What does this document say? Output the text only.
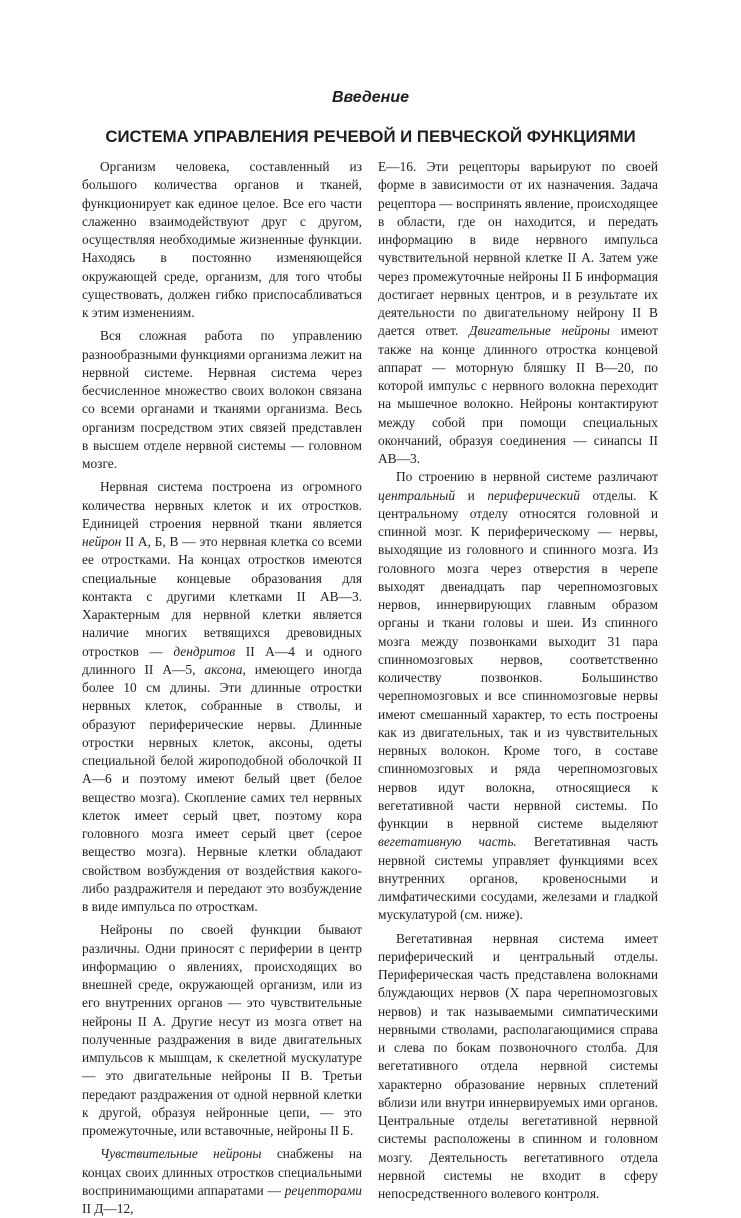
Введение
СИСТЕМА УПРАВЛЕНИЯ РЕЧЕВОЙ И ПЕВЧЕСКОЙ ФУНКЦИЯМИ

Организм человека, составленный из большого количества органов и тканей, функционирует как единое целое. Все его части слаженно взаимодействуют друг с другом, осуществляя необходимые жизненные функции. Находясь в постоянно изменяющейся окружающей среде, организм, для того чтобы существовать, должен гибко приспосабливаться к этим изменениям.

Вся сложная работа по управлению разнообразными функциями организма лежит на нервной системе. Нервная система через бесчисленное множество своих волокон связана со всеми органами и тканями организма. Весь организм посредством этих связей представлен в высшем отделе нервной системы — головном мозге.

Нервная система построена из огромного количества нервных клеток и их отростков. Единицей строения нервной ткани является нейрон II А, Б, В — это нервная клетка со всеми ее отростками. На концах отростков имеются специальные концевые образования для контакта с другими клетками II АВ—3. Характерным для нервной клетки является наличие многих ветвящихся древовидных отростков — дендритов II А—4 и одного длинного II А—5, аксона, имеющего иногда более 10 см длины. Эти длинные отростки нервных клеток, собранные в стволы, и образуют периферические нервы. Длинные отростки нервных клеток, аксоны, одеты специальной белой жироподобной оболочкой II А—6 и поэтому имеют белый цвет (белое вещество мозга). Скопление самих тел нервных клеток имеет серый цвет, поэтому кора головного мозга имеет серый цвет (серое вещество мозга). Нервные клетки обладают свойством возбуждения от воздействия какого-либо раздражителя и передают это возбуждение в виде импульса по отросткам.

Нейроны по своей функции бывают различны. Одни приносят с периферии в центр информацию о явлениях, происходящих во внешней среде, окружающей организм, или из его внутренних органов — это чувствительные нейроны II А. Другие несут из мозга ответ на полученные раздражения в виде двигательных импульсов к мышцам, к скелетной мускулатуре — это двигательные нейроны II В. Третьи передают раздражения от одной нервной клетки к другой, образуя нейронные цепи, — это промежуточные, или вставочные, нейроны II Б.

Чувствительные нейроны снабжены на концах своих длинных отростков специальными воспринимающими аппаратами — рецепторами II Д—12,

Е—16. Эти рецепторы варьируют по своей форме в зависимости от их назначения. Задача рецептора — воспринять явление, происходящее в области, где он находится, и передать информацию в виде нервного импульса чувствительной нервной клетке II А. Затем уже через промежуточные нейроны II Б информация достигает нервных центров, и в результате их деятельности по двигательному нейрону II В дается ответ. Двигательные нейроны имеют также на конце длинного отростка концевой аппарат — моторную бляшку II В—20, по которой импульс с нервного волокна переходит на мышечное волокно. Нейроны контактируют между собой при помощи специальных окончаний, образуя соединения — синапсы II АВ—3.

По строению в нервной системе различают центральный и периферический отделы. К центральному отделу относятся головной и спинной мозг. К периферическому — нервы, выходящие из головного и спинного мозга. Из головного мозга через отверстия в черепе выходят двенадцать пар черепномозговых нервов, иннервирующих главным образом органы и ткани головы и шеи. Из спинного мозга между позвонками выходит 31 пара спинномозговых нервов, соответственно количеству позвонков. Большинство черепномозговых и все спинномозговые нервы имеют смешанный характер, то есть построены как из двигательных, так и из чувствительных нервных волокон. Кроме того, в составе спинномозговых и ряда черепномозговых нервов идут волокна, относящиеся к вегетативной части нервной системы. По функции в нервной системе выделяют вегетативную часть. Вегетативная часть нервной системы управляет функциями всех внутренних органов, кровеносными и лимфатическими сосудами, железами и гладкой мускулатурой (см. ниже).

Вегетативная нервная система имеет периферический и центральный отделы. Периферическая часть представлена волокнами блуждающих нервов (X пара черепномозговых нервов) и так называемыми симпатическими нервными стволами, располагающимися справа и слева по бокам позвоночного столба. Для вегетативного отдела нервной системы характерно образование нервных сплетений вблизи или внутри иннервируемых ими органов. Центральные отделы вегетативной нервной системы расположены в спинном и головном мозгу. Деятельность вегетативного отдела нервной системы не входит в сферу непосредственного волевого контроля.
